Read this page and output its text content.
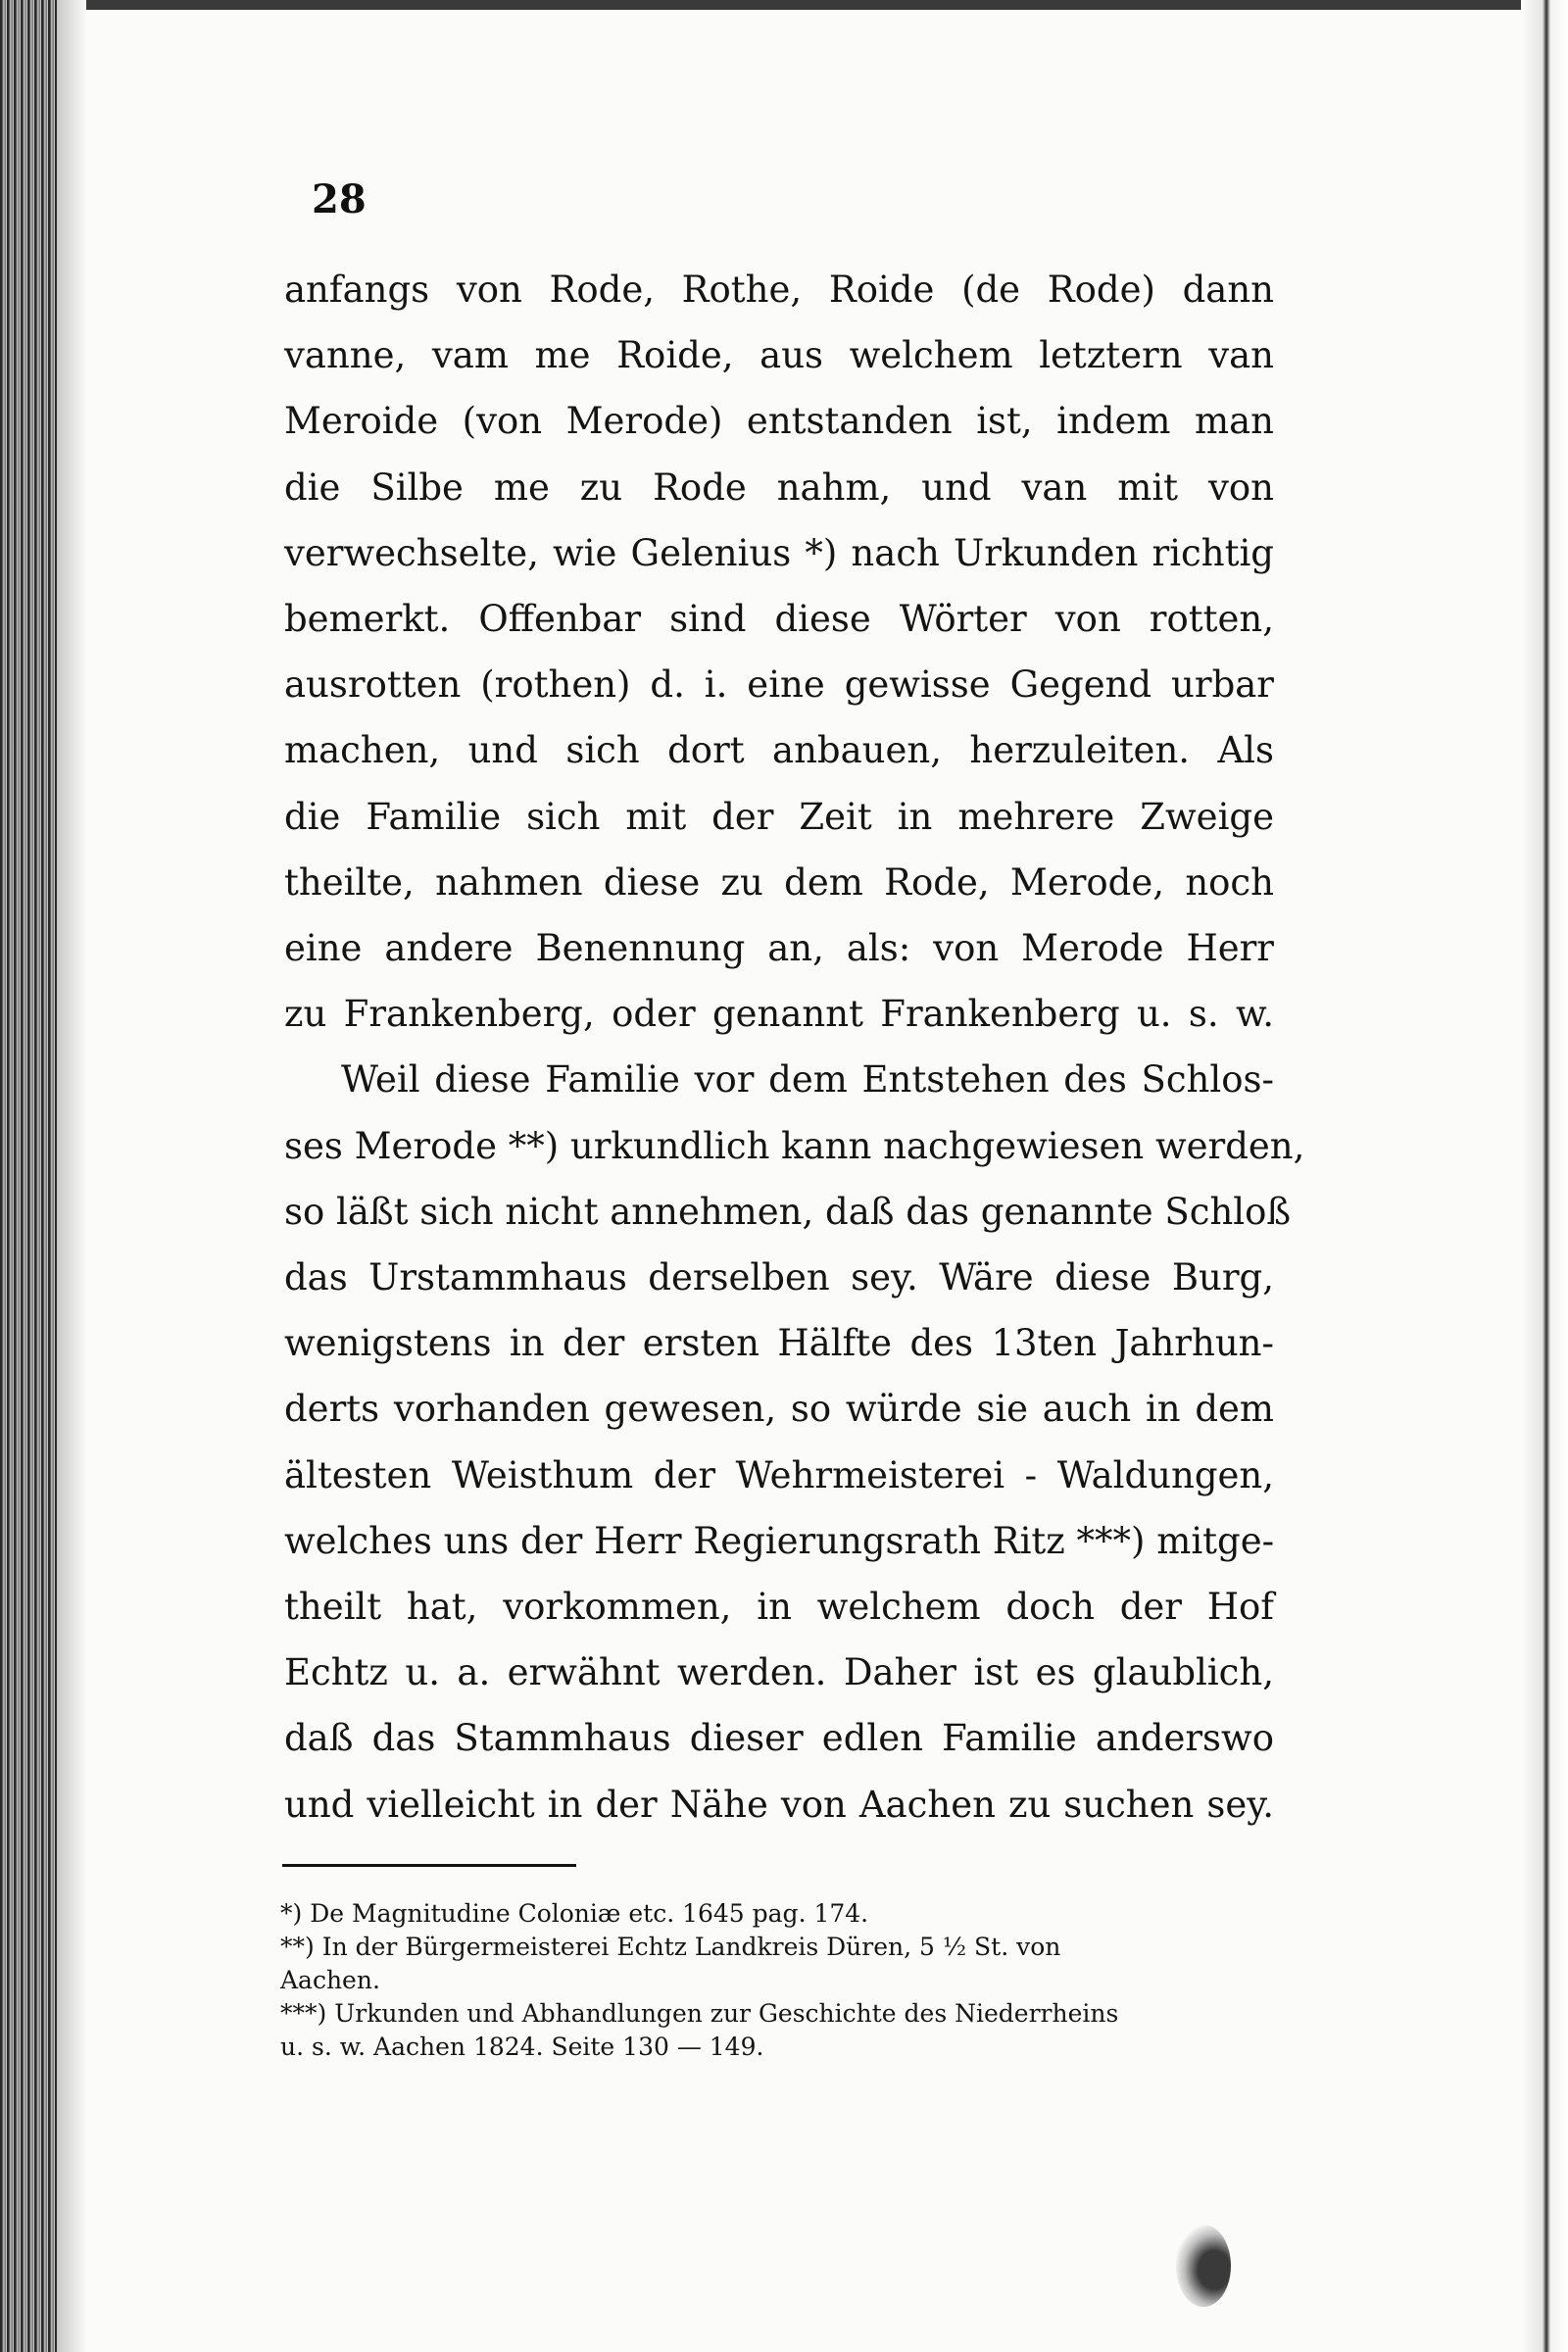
28
anfangs von Rode, Rothe, Roide (de Rode) dann
vanne, vam me Roide, aus welchem letztern van
Meroide (von Merode) entstanden ist, indem man
die Silbe me zu Rode nahm, und van mit von
verwechselte, wie Gelenius *) nach Urkunden richtig
bemerkt. Offenbar sind diese Wörter von rotten,
ausrotten (rothen) d. i. eine gewisse Gegend urbar
machen, und sich dort anbauen, herzuleiten. Als
die Familie sich mit der Zeit in mehrere Zweige
theilte, nahmen diese zu dem Rode, Merode, noch
eine andere Benennung an, als: von Merode Herr
zu Frankenberg, oder genannt Frankenberg u. s. w.
Weil diese Familie vor dem Entstehen des Schlos-
ses Merode **) urkundlich kann nachgewiesen werden,
so läßt sich nicht annehmen, daß das genannte Schloß
das Urstammhaus derselben sey. Wäre diese Burg,
wenigstens in der ersten Hälfte des 13ten Jahrhun-
derts vorhanden gewesen, so würde sie auch in dem
ältesten Weisthum der Wehrmeisterei - Waldungen,
welches uns der Herr Regierungsrath Ritz ***) mitge-
theilt hat, vorkommen, in welchem doch der Hof
Echtz u. a. erwähnt werden. Daher ist es glaublich,
daß das Stammhaus dieser edlen Familie anderswo
und vielleicht in der Nähe von Aachen zu suchen sey.
*) De Magnitudine Coloniæ etc. 1645 pag. 174.
**) In der Bürgermeisterei Echtz Landkreis Düren, 5 ½ St. von
Aachen.
***) Urkunden und Abhandlungen zur Geschichte des Niederrheins
u. s. w. Aachen 1824. Seite 130 — 149.
